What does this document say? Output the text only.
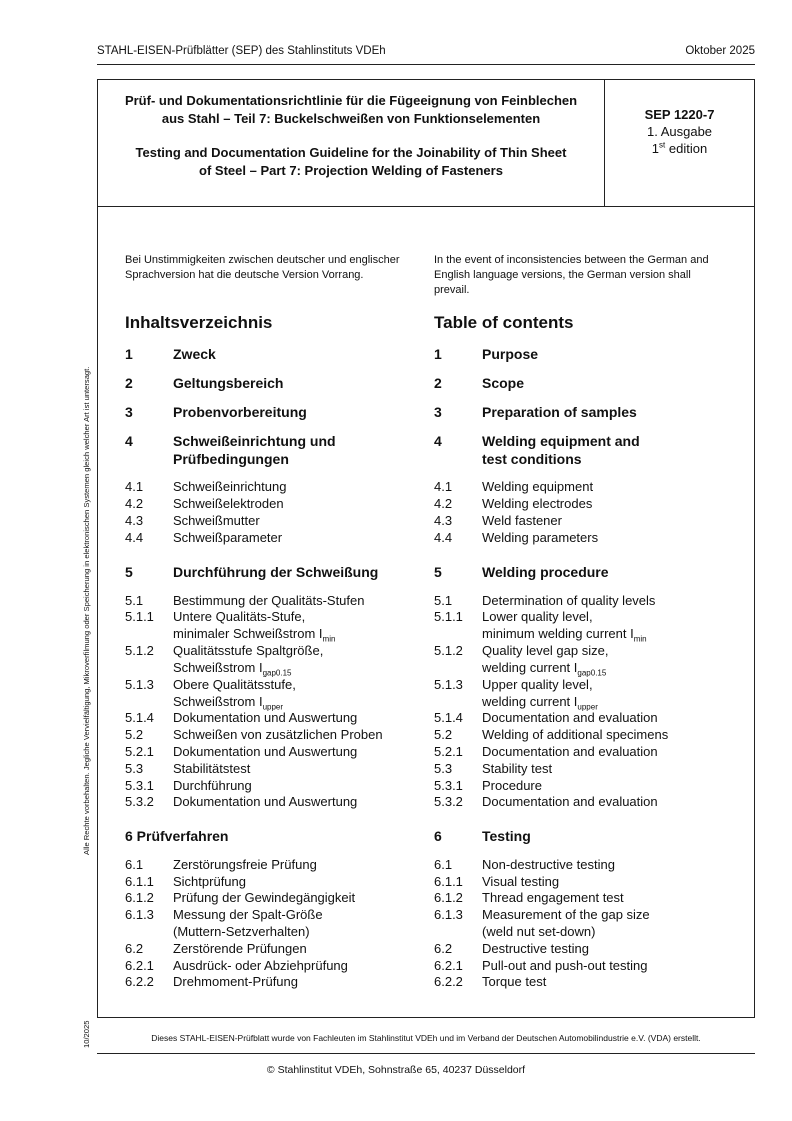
STAHL-EISEN-Prüfblätter (SEP) des Stahlinstituts VDEh	Oktober 2025
Prüf- und Dokumentationsrichtlinie für die Fügeeignung von Feinblechen
aus Stahl – Teil 7: Buckelschweißen von Funktionselementen
Testing and Documentation Guideline for the Joinability of Thin Sheet
of Steel – Part 7: Projection Welding of Fasteners
SEP 1220-7
1. Ausgabe
1st edition
Alle Rechte vorbehalten. Jegliche Vervielfältigung, Mikroverfilmung oder Speicherung in elektronischen Systemen gleich welcher Art ist untersagt.
10/2025
Bei Unstimmigkeiten zwischen deutscher und englischer Sprachversion hat die deutsche Version Vorrang.
In the event of inconsistencies between the German and English language versions, the German version shall prevail.
Inhaltsverzeichnis	Table of contents
1	Zweck
2	Geltungsbereich
3	Probenvorbereitung
4	Schweißeinrichtung und
Prüfbedingungen
4.1	Schweißeinrichtung
4.2	Schweißelektroden
4.3	Schweißmutter
4.4	Schweißparameter
5	Durchführung der Schweißung
5.1	Bestimmung der Qualitäts-Stufen
5.1.1	Untere Qualitäts-Stufe,
minimaler Schweißstrom $I_{min}$
5.1.2	Qualitätsstufe Spaltgröße,
Schweißstrom $I_{gap0.15}$
5.1.3	Obere Qualitätsstufe,
Schweißstrom $I_{upper}$
5.1.4	Dokumentation und Auswertung
5.2	Schweißen von zusätzlichen Proben
5.2.1	Dokumentation und Auswertung
5.3	Stabilitätstest
5.3.1	Durchführung
5.3.2	Dokumentation und Auswertung
6 Prüfverfahren
6.1	Zerstörungsfreie Prüfung
6.1.1	Sichtprüfung
6.1.2	Prüfung der Gewindegängigkeit
6.1.3	Messung der Spalt-Größe
(Muttern-Setzverhalten)
6.2	Zerstörende Prüfungen
6.2.1	Ausdrück- oder Abziehprüfung
6.2.2	Drehmoment-Prüfung
1	Purpose
2	Scope
3	Preparation of samples
4	Welding equipment and
test conditions
4.1	Welding equipment
4.2	Welding electrodes
4.3	Weld fastener
4.4	Welding parameters
5	Welding procedure
5.1	Determination of quality levels
5.1.1	Lower quality level,
minimum welding current $I_{min}$
5.1.2	Quality level gap size,
welding current $I_{gap0.15}$
5.1.3	Upper quality level,
welding current $I_{upper}$
5.1.4	Documentation and evaluation
5.2	Welding of additional specimens
5.2.1	Documentation and evaluation
5.3	Stability test
5.3.1	Procedure
5.3.2	Documentation and evaluation
6	Testing
6.1	Non-destructive testing
6.1.1	Visual testing
6.1.2	Thread engagement test
6.1.3	Measurement of the gap size
(weld nut set-down)
6.2	Destructive testing
6.2.1	Pull-out and push-out testing
6.2.2	Torque test
Dieses STAHL-EISEN-Prüfblatt wurde von Fachleuten im Stahlinstitut VDEh und im Verband der Deutschen Automobilindustrie e.V. (VDA) erstellt.
© Stahlinstitut VDEh, Sohnstraße 65, 40237 Düsseldorf
